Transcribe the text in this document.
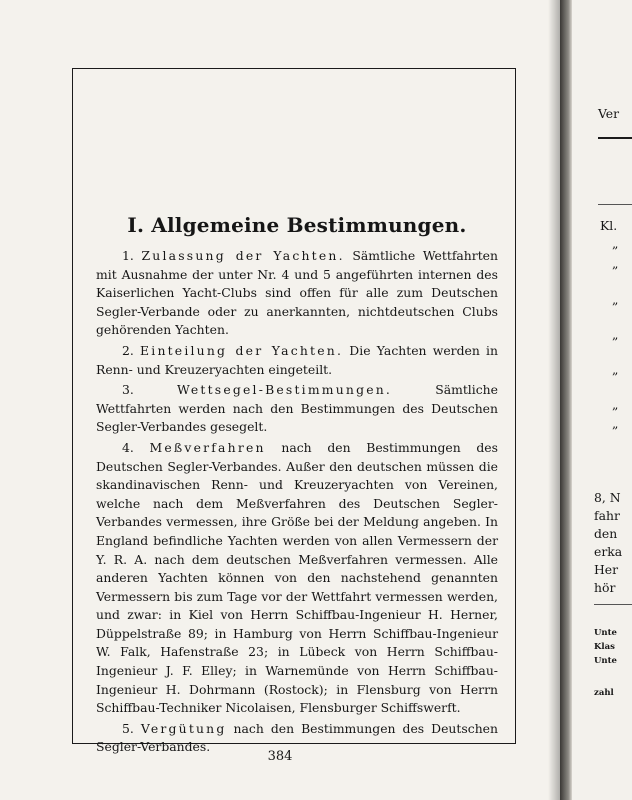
I. Allgemeine Bestimmungen.

1. Zulassung der Yachten. Sämtliche Wettfahrten mit Ausnahme der unter Nr. 4 und 5 angeführten internen des Kaiserlichen Yacht-Clubs sind offen für alle zum Deutschen Segler-Verbande oder zu anerkannten, nichtdeutschen Clubs gehörenden Yachten.

2. Einteilung der Yachten. Die Yachten werden in Renn- und Kreuzeryachten eingeteilt.

3.	Wettsegel-Bestimmungen. Sämtliche Wettfahrten werden nach den Bestimmungen des Deutschen Segler-Verbandes gesegelt.

4. Meßverfahren nach den Bestimmungen des Deutschen Segler-Verbandes. Außer den deutschen müssen die skandinavischen Renn- und Kreuzeryachten von Vereinen, welche nach dem Meßverfahren des Deutschen Segler-Verbandes vermessen, ihre Größe bei der Meldung angeben. In England befindliche Yachten werden von allen Vermessern der Y. R. A. nach dem deutschen Meßverfahren vermessen. Alle anderen Yachten können von den nachstehend genannten Vermessern bis zum Tage vor der Wettfahrt vermessen werden, und zwar: in Kiel von Herrn Schiffbau-Ingenieur H. Herner, Düppelstraße 89; in Hamburg von Herrn Schiffbau-Ingenieur W. Falk, Hafenstraße 23; in Lübeck von Herrn Schiffbau-Ingenieur J. F. Elley; in Warnemünde von Herrn Schiffbau-Ingenieur H. Dohrmann (Rostock); in Flensburg von Herrn Schiffbau-Techniker Nicolaisen, Flensburger Schiffswerft.

5. Vergütung nach den Bestimmungen des Deutschen Segler-Verbandes.

384
Ver
Kl.
„
„
„
„
„
„
„
8, N
fahr
den
erka
Her
hör
Unte
Klas
Unte
zahl
